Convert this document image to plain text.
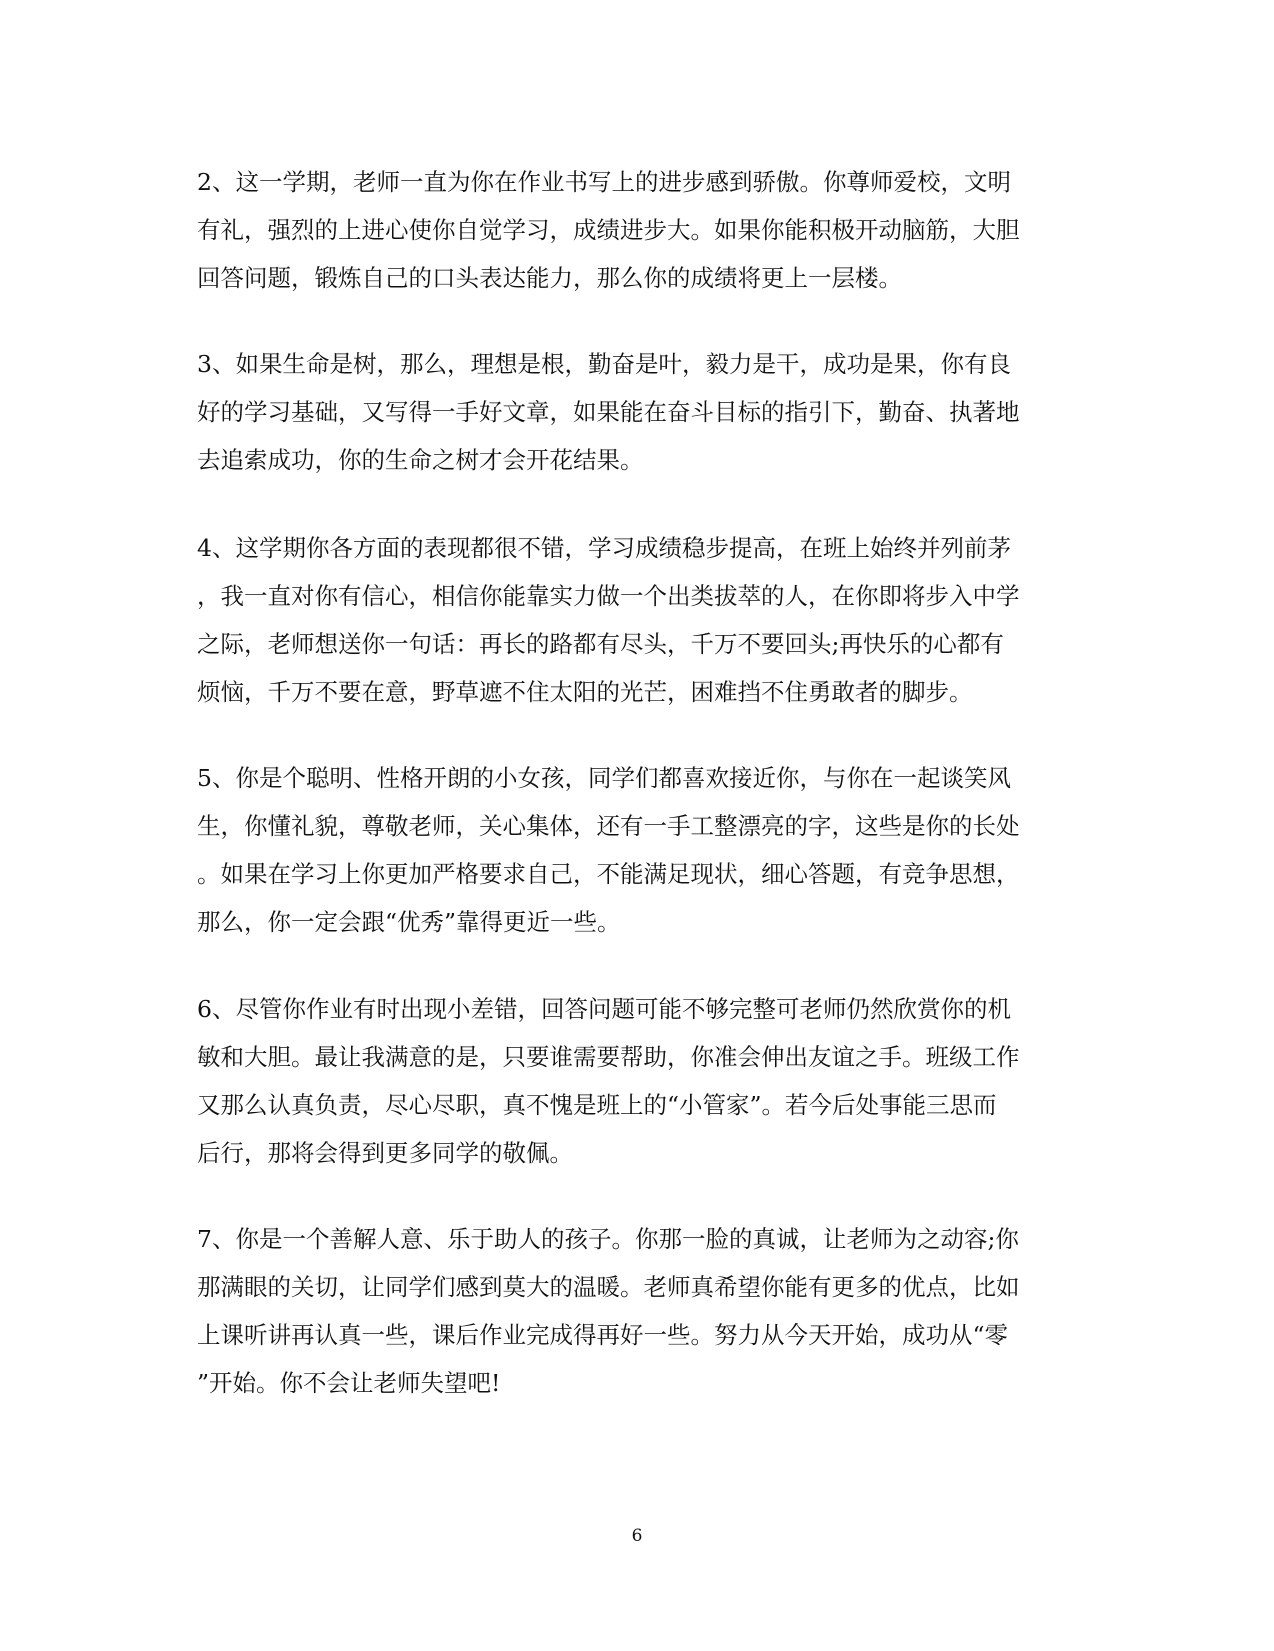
2、这一学期，老师一直为你在作业书写上的进步感到骄傲。你尊师爱校，文明
有礼，强烈的上进心使你自觉学习，成绩进步大。如果你能积极开动脑筋，大胆
回答问题，锻炼自己的口头表达能力，那么你的成绩将更上一层楼。

3、如果生命是树，那么，理想是根，勤奋是叶，毅力是干，成功是果，你有良
好的学习基础，又写得一手好文章，如果能在奋斗目标的指引下，勤奋、执著地
去追索成功，你的生命之树才会开花结果。

4、这学期你各方面的表现都很不错，学习成绩稳步提高，在班上始终并列前茅
，我一直对你有信心，相信你能靠实力做一个出类拔萃的人，在你即将步入中学
之际，老师想送你一句话：再长的路都有尽头，千万不要回头;再快乐的心都有
烦恼，千万不要在意，野草遮不住太阳的光芒，困难挡不住勇敢者的脚步。

5、你是个聪明、性格开朗的小女孩，同学们都喜欢接近你，与你在一起谈笑风
生，你懂礼貌，尊敬老师，关心集体，还有一手工整漂亮的字，这些是你的长处
。如果在学习上你更加严格要求自己，不能满足现状，细心答题，有竞争思想，
那么，你一定会跟“优秀”靠得更近一些。

6、尽管你作业有时出现小差错，回答问题可能不够完整可老师仍然欣赏你的机
敏和大胆。最让我满意的是，只要谁需要帮助，你准会伸出友谊之手。班级工作
又那么认真负责，尽心尽职，真不愧是班上的“小管家”。若今后处事能三思而
后行，那将会得到更多同学的敬佩。

7、你是一个善解人意、乐于助人的孩子。你那一脸的真诚，让老师为之动容;你
那满眼的关切，让同学们感到莫大的温暖。老师真希望你能有更多的优点，比如
上课听讲再认真一些，课后作业完成得再好一些。努力从今天开始，成功从“零
”开始。你不会让老师失望吧!

6
